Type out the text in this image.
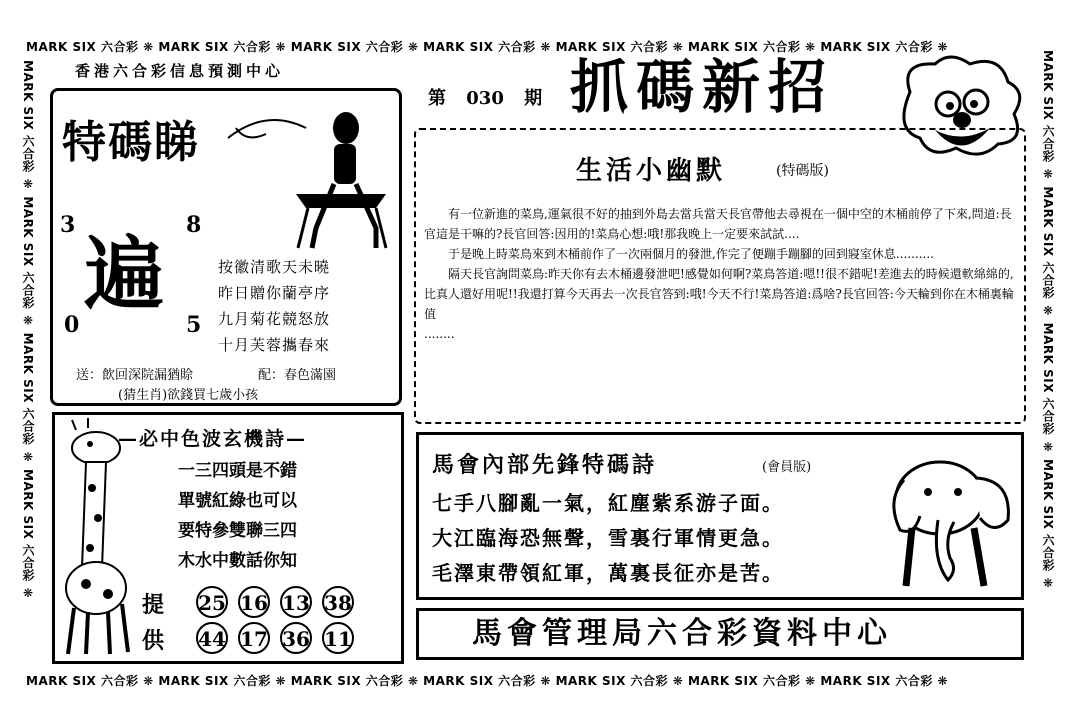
MARK SIX 六合彩 ❋ MARK SIX 六合彩 ❋ MARK SIX 六合彩 ❋ MARK SIX 六合彩 ❋ MARK SIX 六合彩 ❋ MARK SIX 六合彩 ❋ MARK SIX 六合彩 ❋
MARK SIX 六合彩 ❋ MARK SIX 六合彩 ❋ MARK SIX 六合彩 ❋ MARK SIX 六合彩 ❋ MARK SIX 六合彩 ❋ MARK SIX 六合彩 ❋ MARK SIX 六合彩 ❋
MARK SIX 六合彩 ❋ MARK SIX 六合彩 ❋ MARK SIX 六合彩 ❋ MARK SIX 六合彩 ❋	MARK SIX 六合彩 ❋ MARK SIX 六合彩 ❋ MARK SIX 六合彩 ❋ MARK SIX 六合彩 ❋
香港六合彩信息預測中心
第 030 期 抓碼新招
特碼睇
3	8
遍
0	5
按徽清歌天未曉
昨日贈你蘭亭序
九月菊花競怒放
十月芙蓉攜春來
送：飲回深院漏猶賒	配：春色滿園
(猜生肖)欲錢買七歲小孩
生活小幽默	(特碼版)
有一位新進的菜鳥,運氣很不好的抽到外島去當兵當天長官帶他去尋視在一個中空的木桶前停了下來,問道:長官這是干嘛的?長官回答:因用的!菜鳥心想:哦!那我晚上一定要來試試....
于是晚上時菜鳥來到木桶前作了一次兩個月的發泄,作完了便蹦手蹦腳的回到寢室休息..........
隔天長官詢問菜鳥:昨天你有去木桶邊發泄吧!感覺如何啊?菜鳥答道:嗯!!很不錯呢!差進去的時候還軟綿綿的,比真人還好用呢!!我還打算今天再去一次長官答到:哦!今天不行!菜鳥答道:爲啥?長官回答:今天輪到你在木桶裏輪值
........
—必中色波玄機詩—
一三四頭是不錯
單號紅綠也可以
要特參雙聯三四
木水中數話你知
提
供
25 16 13 38
44 17 36 11
馬會內部先鋒特碼詩	(會員版)
七手八腳亂一氣，紅塵紫系游子面。
大江臨海恐無聲，雪裏行軍情更急。
毛澤東帶領紅軍，萬裏長征亦是苦。
馬會管理局六合彩資料中心
